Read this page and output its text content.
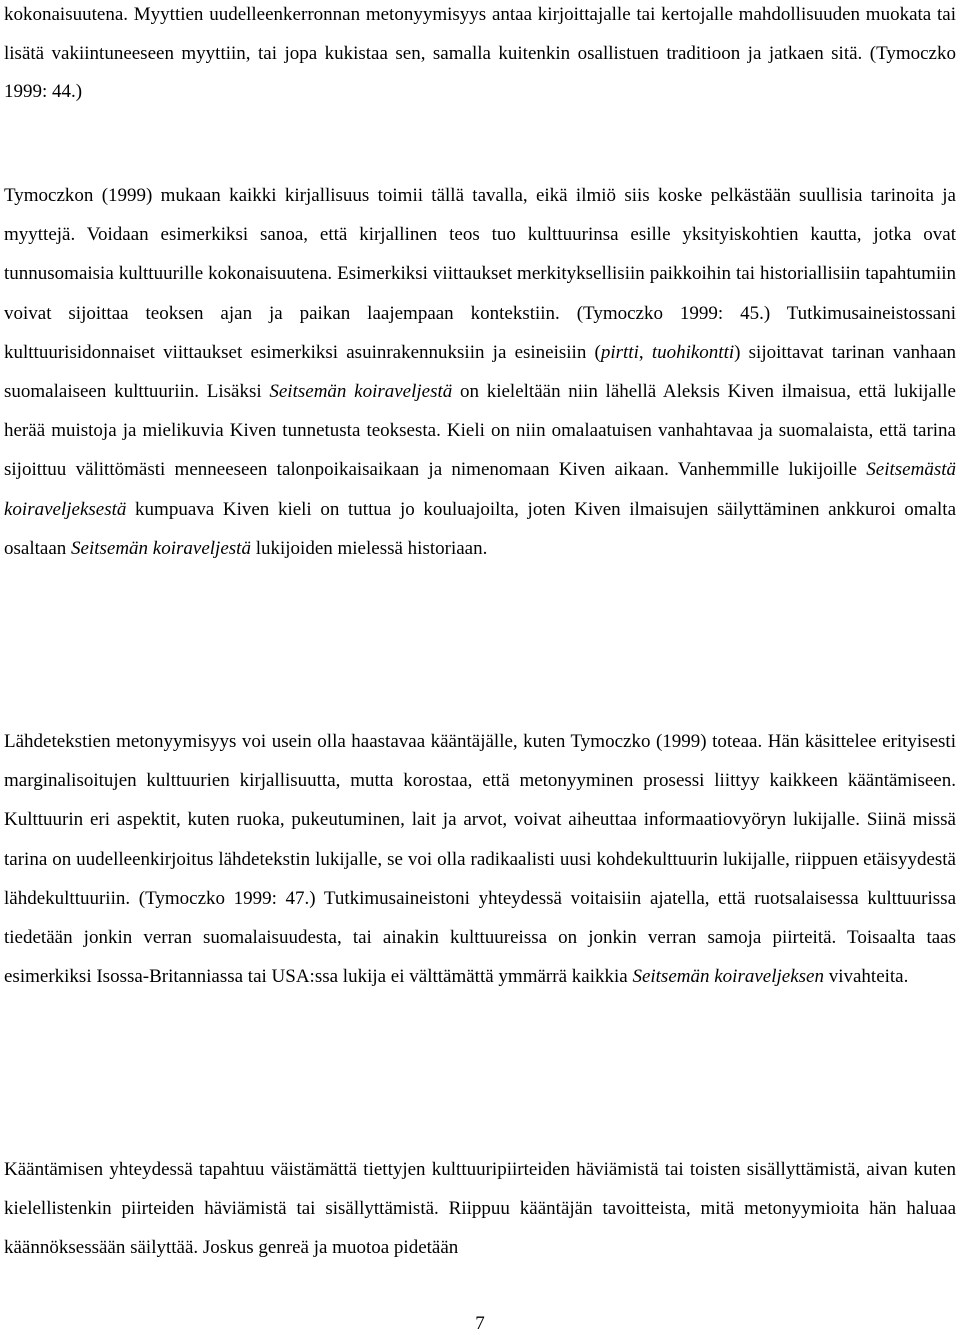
kokonaisuutena. Myyttien uudelleenkerronnan metonyymisyys antaa kirjoittajalle tai kertojalle mahdollisuuden muokata tai lisätä vakiintuneeseen myyttiin, tai jopa kukistaa sen, samalla kuitenkin osallistuen traditioon ja jatkaen sitä. (Tymoczko 1999: 44.)

Tymoczkon (1999) mukaan kaikki kirjallisuus toimii tällä tavalla, eikä ilmiö siis koske pelkästään suullisia tarinoita ja myyttejä. Voidaan esimerkiksi sanoa, että kirjallinen teos tuo kulttuurinsa esille yksityiskohtien kautta, jotka ovat tunnusomaisia kulttuurille kokonaisuutena. Esimerkiksi viittaukset merkityksellisiin paikkoihin tai historiallisiin tapahtumiin voivat sijoittaa teoksen ajan ja paikan laajempaan kontekstiin. (Tymoczko 1999: 45.) Tutkimusaineistossani kulttuurisidonnaiset viittaukset esimerkiksi asuinrakennuksiin ja esineisiin (pirtti, tuohikontti) sijoittavat tarinan vanhaan suomalaiseen kulttuuriin. Lisäksi Seitsemän koiraveljestä on kieleltään niin lähellä Aleksis Kiven ilmaisua, että lukijalle herää muistoja ja mielikuvia Kiven tunnetusta teoksesta. Kieli on niin omalaatuisen vanhahtavaa ja suomalaista, että tarina sijoittuu välittömästi menneeseen talonpoikaisaikaan ja nimenomaan Kiven aikaan. Vanhemmille lukijoille Seitsemästä koiraveljeksestä kumpuava Kiven kieli on tuttua jo kouluajoilta, joten Kiven ilmaisujen säilyttäminen ankkuroi omalta osaltaan Seitsemän koiraveljestä lukijoiden mielessä historiaan.

Lähdetekstien metonyymisyys voi usein olla haastavaa kääntäjälle, kuten Tymoczko (1999) toteaa. Hän käsittelee erityisesti marginalisoitujen kulttuurien kirjallisuutta, mutta korostaa, että metonyyminen prosessi liittyy kaikkeen kääntämiseen. Kulttuurin eri aspektit, kuten ruoka, pukeutuminen, lait ja arvot, voivat aiheuttaa informaatiovyöryn lukijalle. Siinä missä tarina on uudelleenkirjoitus lähdetekstin lukijalle, se voi olla radikaalisti uusi kohdekulttuurin lukijalle, riippuen etäisyydestä lähdekulttuuriin. (Tymoczko 1999: 47.) Tutkimusaineistoni yhteydessä voitaisiin ajatella, että ruotsalaisessa kulttuurissa tiedetään jonkin verran suomalaisuudesta, tai ainakin kulttuureissa on jonkin verran samoja piirteitä. Toisaalta taas esimerkiksi Isossa-Britanniassa tai USA:ssa lukija ei välttämättä ymmärrä kaikkia Seitsemän koiraveljeksen vivahteita.

Kääntämisen yhteydessä tapahtuu väistämättä tiettyjen kulttuuripiirteiden häviämistä tai toisten sisällyttämistä, aivan kuten kielellistenkin piirteiden häviämistä tai sisällyttämistä. Riippuu kääntäjän tavoitteista, mitä metonyymioita hän haluaa käännöksessään säilyttää. Joskus genreä ja muotoa pidetään

7
